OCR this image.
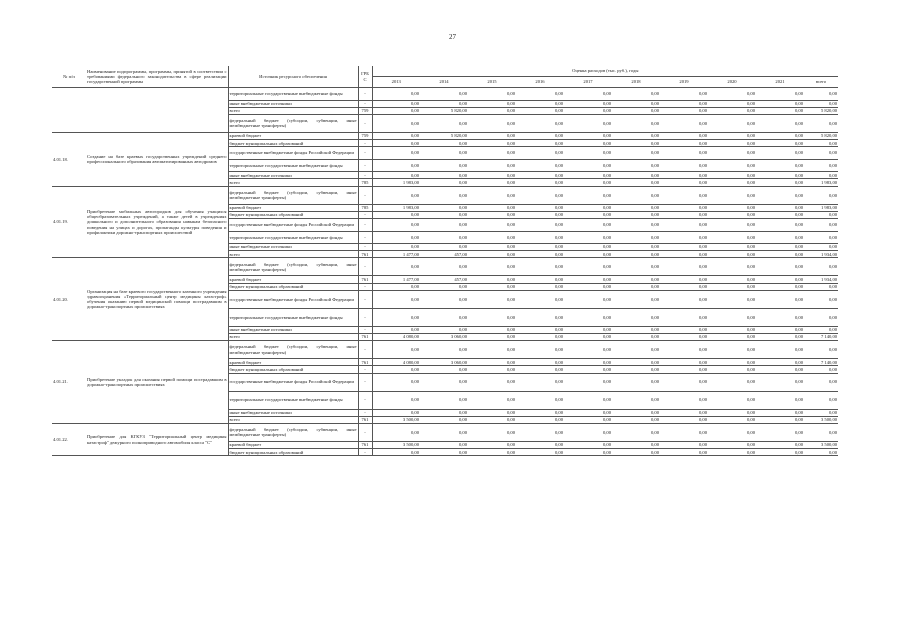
27
№ п/п	Наименование подпрограммы, программы, принятой в соответствии с требованиями федерального законодательства в сфере реализации государственной программы	Источник ресурсного обеспечения	ГРБ С	Оценка расходов (тыс. руб.), годы									
				2013	2014	2015	2016	2017	2018	2019	2020	2021	всего
		территориальные государственные внебюджетные фонды	-	0,00	0,00	0,00	0,00	0,00	0,00	0,00	0,00	0,00	0,00
		иные внебюджетные источники	-	0,00	0,00	0,00	0,00	0,00	0,00	0,00	0,00	0,00	0,00
		всего	759	0,00	5 820,00	0,00	0,00	0,00	0,00	0,00	0,00	0,00	5 820,00
		федеральный бюджет (субсидии, субвенции, иные межбюджетные трансферты)	-	0,00	0,00	0,00	0,00	0,00	0,00	0,00	0,00	0,00	0,00
4.01.18.	Создание на базе краевых государственных учреждений среднего профессионального образования автоматизированных автодромов	краевой бюджет	759	0,00	5 820,00	0,00	0,00	0,00	0,00	0,00	0,00	0,00	5 820,00
		бюджет муниципальных образований	-	0,00	0,00	0,00	0,00	0,00	0,00	0,00	0,00	0,00	0,00
		государственные внебюджетные фонды Российской Федерации	-	0,00	0,00	0,00	0,00	0,00	0,00	0,00	0,00	0,00	0,00
		территориальные государственные внебюджетные фонды	-	0,00	0,00	0,00	0,00	0,00	0,00	0,00	0,00	0,00	0,00
		иные внебюджетные источники	-	0,00	0,00	0,00	0,00	0,00	0,00	0,00	0,00	0,00	0,00
		всего	785	1 983,00	0,00	0,00	0,00	0,00	0,00	0,00	0,00	0,00	1 983,00
4.01.19.	Приобретение мобильных автогородков для обучения учащихся общеобразовательных учреждений, а также детей в учреждениях дошкольного и дополнительного образования навыкам безопасного поведения на улицах и дорогах, пропаганды культуры поведения и профилактики дорожно-транспортных происшествий	федеральный бюджет (субсидии, субвенции, иные межбюджетные трансферты)	-	0,00	0,00	0,00	0,00	0,00	0,00	0,00	0,00	0,00	0,00
		краевой бюджет	785	1 983,00	0,00	0,00	0,00	0,00	0,00	0,00	0,00	0,00	1 983,00
		бюджет муниципальных образований	-	0,00	0,00	0,00	0,00	0,00	0,00	0,00	0,00	0,00	0,00
		государственные внебюджетные фонды Российской Федерации	-	0,00	0,00	0,00	0,00	0,00	0,00	0,00	0,00	0,00	0,00
		территориальные государственные внебюджетные фонды	-	0,00	0,00	0,00	0,00	0,00	0,00	0,00	0,00	0,00	0,00
		иные внебюджетные источники	-	0,00	0,00	0,00	0,00	0,00	0,00	0,00	0,00	0,00	0,00
		всего	761	1 477,00	457,00	0,00	0,00	0,00	0,00	0,00	0,00	0,00	1 934,00
4.01.20.	Организация на базе краевого государственного казенного учреждения здравоохранения «Территориальный центр медицины катастроф» обучения оказанию первой медицинской помощи пострадавшим в дорожно-транспортных происшествиях	федеральный бюджет (субсидии, субвенции, иные межбюджетные трансферты)	-	0,00	0,00	0,00	0,00	0,00	0,00	0,00	0,00	0,00	0,00
		краевой бюджет	761	1 477,00	457,00	0,00	0,00	0,00	0,00	0,00	0,00	0,00	1 934,00
		бюджет муниципальных образований	-	0,00	0,00	0,00	0,00	0,00	0,00	0,00	0,00	0,00	0,00
		государственные внебюджетные фонды Российской Федерации	-	0,00	0,00	0,00	0,00	0,00	0,00	0,00	0,00	0,00	0,00
		территориальные государственные внебюджетные фонды	-	0,00	0,00	0,00	0,00	0,00	0,00	0,00	0,00	0,00	0,00
		иные внебюджетные источники	-	0,00	0,00	0,00	0,00	0,00	0,00	0,00	0,00	0,00	0,00
		всего	761	4 080,00	3 060,00	0,00	0,00	0,00	0,00	0,00	0,00	0,00	7 140,00
4.01.21.	Приобретение укладок для оказания первой помощи пострадавшим в дорожно-транспортных происшествиях	федеральный бюджет (субсидии, субвенции, иные межбюджетные трансферты)	-	0,00	0,00	0,00	0,00	0,00	0,00	0,00	0,00	0,00	0,00
		краевой бюджет	761	4 080,00	3 060,00	0,00	0,00	0,00	0,00	0,00	0,00	0,00	7 140,00
		бюджет муниципальных образований	-	0,00	0,00	0,00	0,00	0,00	0,00	0,00	0,00	0,00	0,00
		государственные внебюджетные фонды Российской Федерации	-	0,00	0,00	0,00	0,00	0,00	0,00	0,00	0,00	0,00	0,00
		территориальные государственные внебюджетные фонды	-	0,00	0,00	0,00	0,00	0,00	0,00	0,00	0,00	0,00	0,00
		иные внебюджетные источники	-	0,00	0,00	0,00	0,00	0,00	0,00	0,00	0,00	0,00	0,00
		всего	761	3 500,00	0,00	0,00	0,00	0,00	0,00	0,00	0,00	0,00	3 500,00
4.01.22.	Приобретение для КГКУЗ "Территориальный центр медицины катастроф" дежурного полноприводного автомобиля класса "С"	федеральный бюджет (субсидии, субвенции, иные межбюджетные трансферты)	-	0,00	0,00	0,00	0,00	0,00	0,00	0,00	0,00	0,00	0,00
		краевой бюджет	761	3 500,00	0,00	0,00	0,00	0,00	0,00	0,00	0,00	0,00	3 500,00
		бюджет муниципальных образований	-	0,00	0,00	0,00	0,00	0,00	0,00	0,00	0,00	0,00	0,00
